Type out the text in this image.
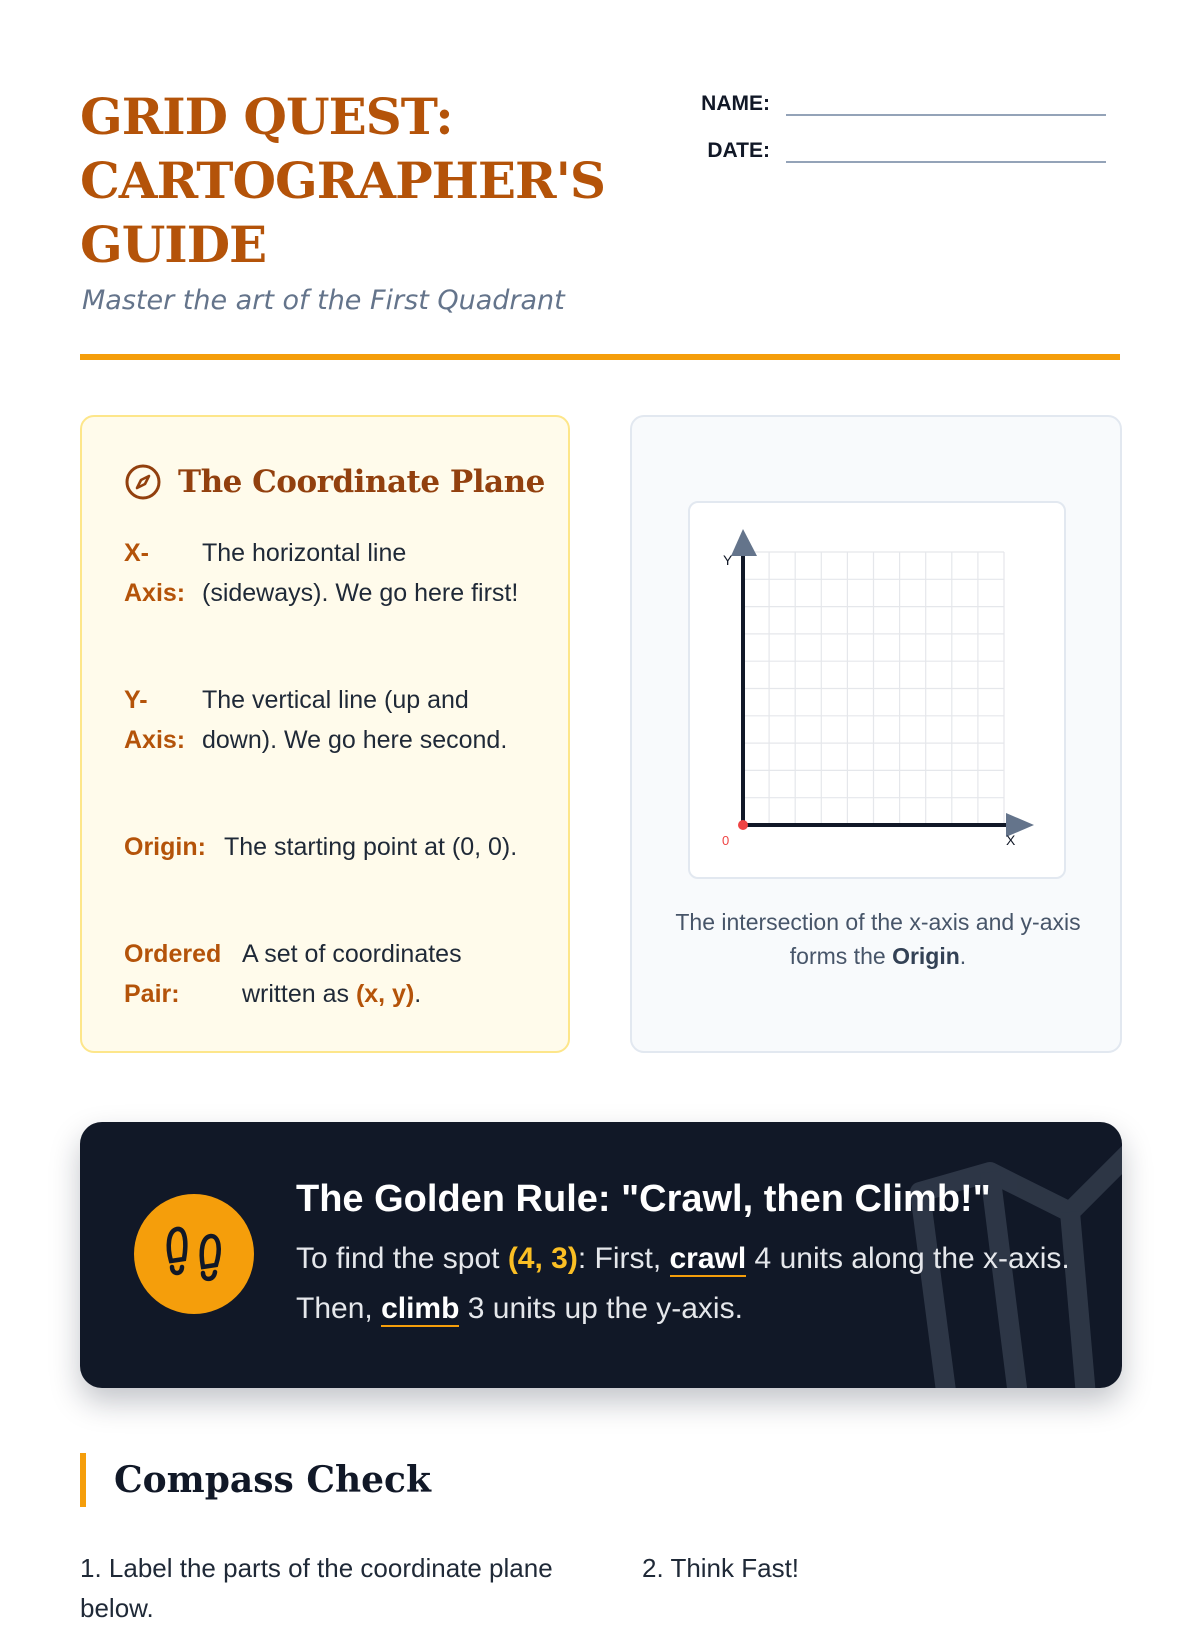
GRID QUEST:
CARTOGRAPHER'S
GUIDE

Master the art of the First Quadrant

NAME:
DATE:
The Coordinate Plane
X-Axis:
The horizontal line (sideways). We go here first!
Y-Axis:
The vertical line (up and down). We go here second.
Origin: The starting point at (0, 0).
Ordered Pair:
A set of coordinates written as (x, y).
Y
X
0
The intersection of the x-axis and y-axis forms the Origin.
The Golden Rule: "Crawl, then Climb!"

To find the spot (4, 3): First, crawl 4 units along the x-axis. Then, climb 3 units up the y-axis.

Compass Check
1. Label the parts of the coordinate plane below.
2. Think Fast!
